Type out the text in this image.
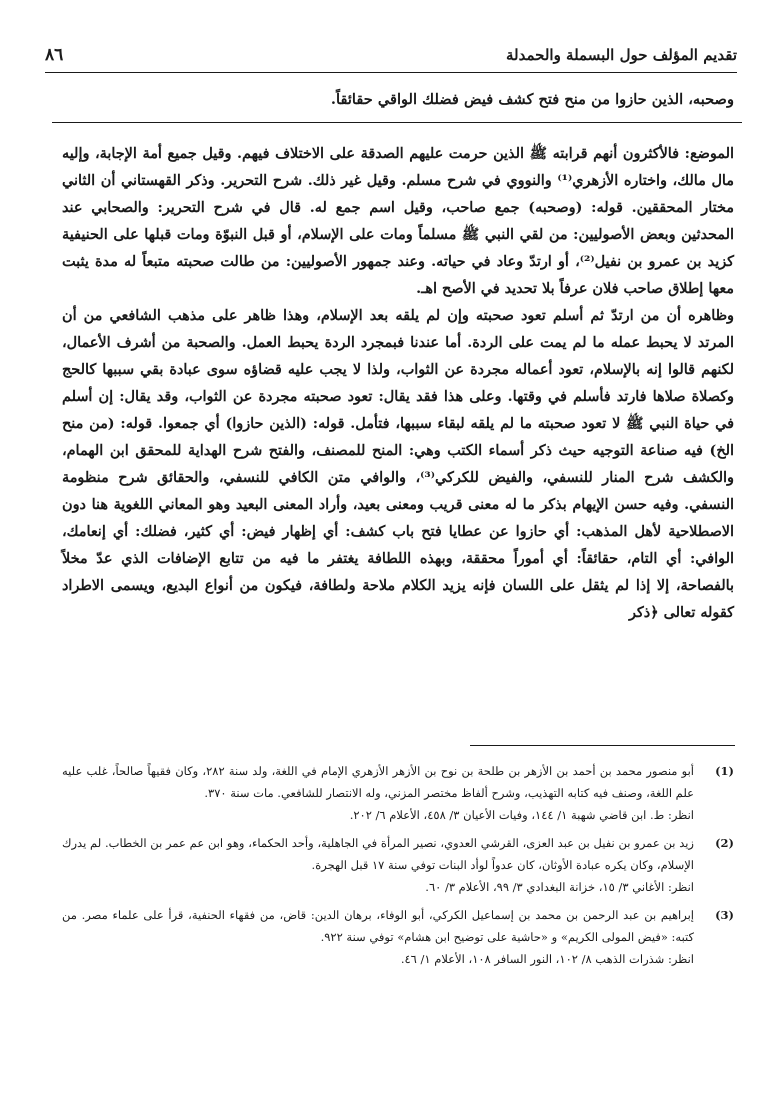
٨٦	تقديم المؤلف حول البسملة والحمدلة
وصحبه، الذين حازوا من منح فتح كشف فيض فضلك الواقي حقائقاً.

الموضع: فالأكثرون أنهم قرابته ﷺ الذين حرمت عليهم الصدقة على الاختلاف فيهم. وقيل جميع أمة الإجابة، وإليه مال مالك، واختاره الأزهري⁽¹⁾ والنووي في شرح مسلم. وقيل غير ذلك. شرح التحرير. وذكر القهستاني أن الثاني مختار المحققين. قوله: (وصحبه) جمع صاحب، وقيل اسم جمع له. قال في شرح التحرير: والصحابي عند المحدثين وبعض الأصوليين: من لقي النبي ﷺ مسلماً ومات على الإسلام، أو قبل النبوّة ومات قبلها على الحنيفية كزيد بن عمرو بن نفيل⁽²⁾، أو ارتدّ وعاد في حياته. وعند جمهور الأصوليين: من طالت صحبته متبعاً له مدة يثبت معها إطلاق صاحب فلان عرفاً بلا تحديد في الأصح اهـ.

وظاهره أن من ارتدّ ثم أسلم تعود صحبته وإن لم يلقه بعد الإسلام، وهذا ظاهر على مذهب الشافعي من أن المرتد لا يحبط عمله ما لم يمت على الردة. أما عندنا فبمجرد الردة يحبط العمل. والصحبة من أشرف الأعمال، لكنهم قالوا إنه بالإسلام، تعود أعماله مجردة عن الثواب، ولذا لا يجب عليه قضاؤه سوى عبادة بقي سببها كالحج وكصلاة صلاها فارتد فأسلم في وقتها. وعلى هذا فقد يقال: تعود صحبته مجردة عن الثواب، وقد يقال: إن أسلم في حياة النبي ﷺ لا تعود صحبته ما لم يلقه لبقاء سببها، فتأمل. قوله: (الذين حازوا) أي جمعوا. قوله: (من منح الخ) فيه صناعة التوجيه حيث ذكر أسماء الكتب وهي: المنح للمصنف، والفتح شرح الهداية للمحقق ابن الهمام، والكشف شرح المنار للنسفي، والفيض للكركي⁽³⁾، والوافي متن الكافي للنسفي، والحقائق شرح منظومة النسفي. وفيه حسن الإيهام بذكر ما له معنى قريب ومعنى بعيد، وأراد المعنى البعيد وهو المعاني اللغوية هنا دون الاصطلاحية لأهل المذهب: أي حازوا عن عطايا فتح باب كشف: أي إظهار فيض: أي كثير، فضلك: أي إنعامك، الوافي: أي التام، حقائقاً: أي أموراً محققة، وبهذه اللطافة يغتفر ما فيه من تتابع الإضافات الذي عدّ مخلاً بالفصاحة، إلا إذا لم يثقل على اللسان فإنه يزيد الكلام ملاحة ولطافة، فيكون من أنواع البديع، ويسمى الاطراد كقوله تعالى ﴿ذكر

(1)

أبو منصور محمد بن أحمد بن الأزهر بن طلحة بن نوح بن الأزهر الأزهري الإمام في اللغة، ولد سنة ٢٨٢، وكان فقيهاً صالحاً، غلب عليه علم اللغة، وصنف فيه كتابه التهذيب، وشرح ألفاظ مختصر المزني، وله الانتصار للشافعي. مات سنة ٣٧٠.

انظر: ط. ابن قاضي شهبة ١/ ١٤٤، وفيات الأعيان ٣/ ٤٥٨، الأعلام ٦/ ٢٠٢.

(2)

زيد بن عمرو بن نفيل بن عبد العزى، القرشي العدوي، نصير المرأة في الجاهلية، وأحد الحكماء، وهو ابن عم عمر بن الخطاب. لم يدرك الإسلام، وكان يكره عبادة الأوثان، كان عدواً لوأد البنات توفي سنة ١٧ قبل الهجرة.

انظر: الأغاني ٣/ ١٥، خزانة البغدادي ٣/ ٩٩، الأعلام ٣/ ٦٠.

(3)

إبراهيم بن عبد الرحمن بن محمد بن إسماعيل الكركي، أبو الوفاء، برهان الدين: قاض، من فقهاء الحنفية، قرأ على علماء مصر. من كتبه: «فيض المولى الكريم» و «حاشية على توضيح ابن هشام» توفي سنة ٩٢٢.

انظر: شذرات الذهب ٨/ ١٠٢، النور السافر ١٠٨، الأعلام ١/ ٤٦.
